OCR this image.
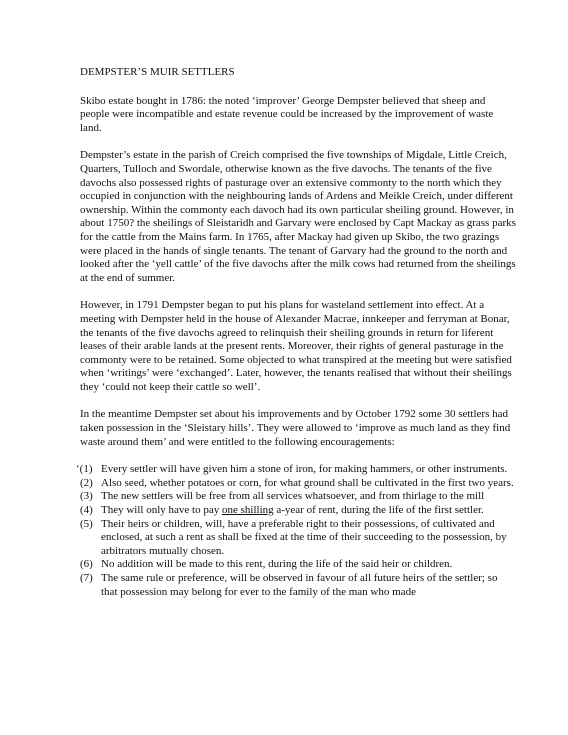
DEMPSTER’S MUIR SETTLERS

Skibo estate bought in 1786: the noted ‘improver’ George Dempster believed that sheep and people were incompatible and estate revenue could be increased by the improvement of waste land.

Dempster’s estate in the parish of Creich comprised the five townships of Migdale, Little Creich, Quarters, Tulloch and Swordale, otherwise known as the five davochs. The tenants of the five davochs also possessed rights of pasturage over an extensive commonty to the north which they occupied in conjunction with the neighbouring lands of Ardens and Meikle Creich, under different ownership. Within the commonty each davoch had its own particular sheiling ground. However, in about 1750? the sheilings of Sleistaridh and Garvary were enclosed by Capt Mackay as grass parks for the cattle from the Mains farm. In 1765, after Mackay had given up Skibo, the two grazings were placed in the hands of single tenants. The tenant of Garvary had the ground to the north and looked after the ‘yell cattle’ of the five davochs after the milk cows had returned from the sheilings at the end of summer.

However, in 1791 Dempster began to put his plans for wasteland settlement into effect. At a meeting with Dempster held in the house of Alexander Macrae, innkeeper and ferryman at Bonar, the tenants of the five davochs agreed to relinquish their sheiling grounds in return for liferent leases of their arable lands at the present rents. Moreover, their rights of general pasturage in the commonty were to be retained. Some objected to what transpired at the meeting but were satisfied when ‘writings’ were ‘exchanged’. Later, however, the tenants realised that without their sheilings they ‘could not keep their cattle so well’.

In the meantime Dempster set about his improvements and by October 1792 some 30 settlers had taken possession in the ‘Sleistary hills’. They were allowed to ‘improve as much land as they find waste around them’ and were entitled to the following encouragements:

‘(1) Every settler will have given him a stone of iron, for making hammers, or other instruments.
(2) Also seed, whether potatoes or corn, for what ground shall be cultivated in the first two years.
(3) The new settlers will be free from all services whatsoever, and from thirlage to the mill
(4) They will only have to pay one shilling a-year of rent, during the life of the first settler.
(5) Their heirs or children, will, have a preferable right to their possessions, of cultivated and enclosed, at such a rent as shall be fixed at the time of their succeeding to the possession, by arbitrators mutually chosen.
(6) No addition will be made to this rent, during the life of the said heir or children.
(7) The same rule or preference, will be observed in favour of all future heirs of the settler; so that possession may belong for ever to the family of the man who made
